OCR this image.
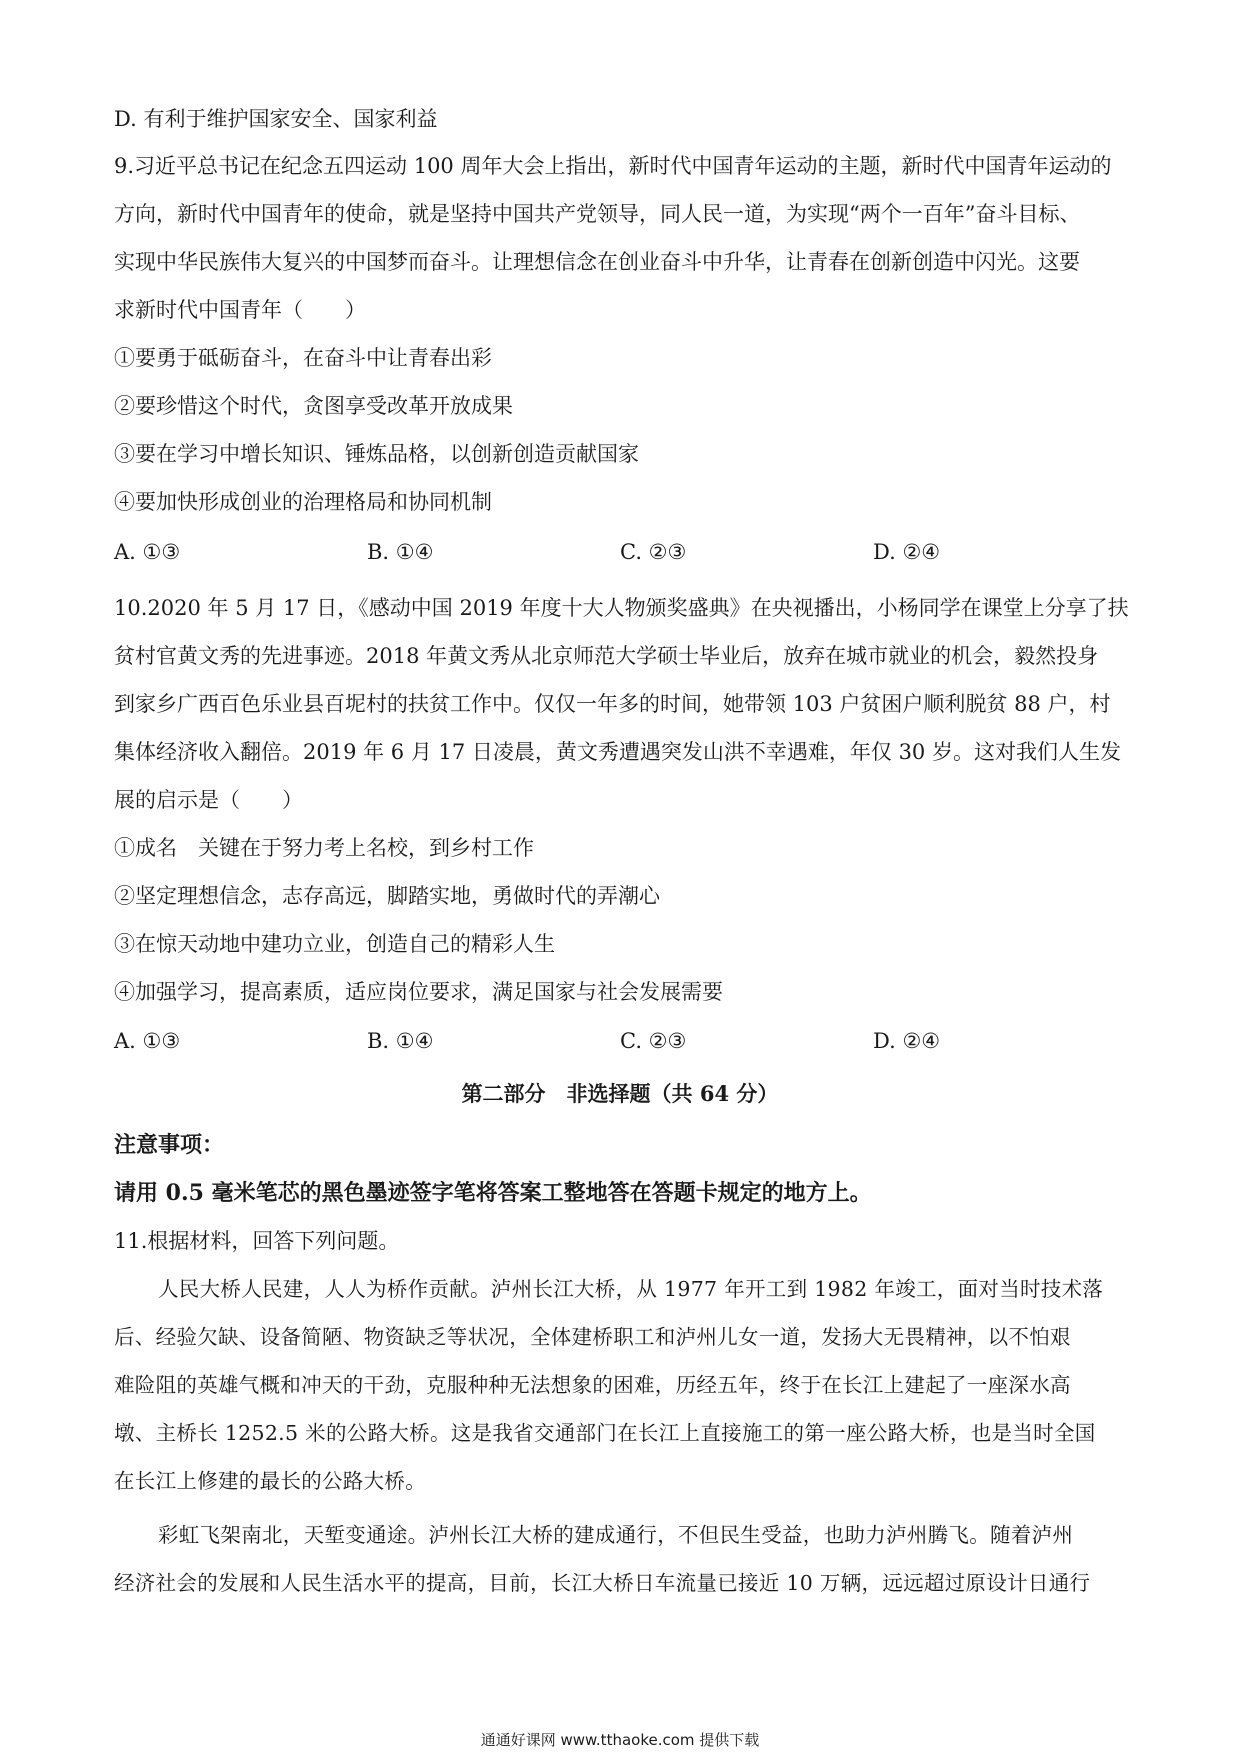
D. 有利于维护国家安全、国家利益
9.习近平总书记在纪念五四运动 100 周年大会上指出，新时代中国青年运动的主题，新时代中国青年运动的
方向，新时代中国青年的使命，就是坚持中国共产党领导，同人民一道，为实现“两个一百年”奋斗目标、
实现中华民族伟大复兴的中国梦而奋斗。让理想信念在创业奋斗中升华，让青春在创新创造中闪光。这要
求新时代中国青年（　　）
①要勇于砥砺奋斗，在奋斗中让青春出彩
②要珍惜这个时代，贪图享受改革开放成果
③要在学习中增长知识、锤炼品格，以创新创造贡献国家
④要加快形成创业的治理格局和协同机制
A. ①③	B. ①④	C. ②③	D. ②④
10.2020 年 5 月 17 日，《感动中国 2019 年度十大人物颁奖盛典》在央视播出，小杨同学在课堂上分享了扶
贫村官黄文秀的先进事迹。2018 年黄文秀从北京师范大学硕士毕业后，放弃在城市就业的机会，毅然投身
到家乡广西百色乐业县百坭村的扶贫工作中。仅仅一年多的时间，她带领 103 户贫困户顺利脱贫 88 户，村
集体经济收入翻倍。2019 年 6 月 17 日凌晨，黄文秀遭遇突发山洪不幸遇难，年仅 30 岁。这对我们人生发
展的启示是（　　）
①成名　关键在于努力考上名校，到乡村工作
②坚定理想信念，志存高远，脚踏实地，勇做时代的弄潮心
③在惊天动地中建功立业，创造自己的精彩人生
④加强学习，提高素质，适应岗位要求，满足国家与社会发展需要
A. ①③	B. ①④	C. ②③	D. ②④
第二部分　非选择题（共 64 分）
注意事项：
请用 0.5 毫米笔芯的黑色墨迹签字笔将答案工整地答在答题卡规定的地方上。
11.根据材料，回答下列问题。
人民大桥人民建，人人为桥作贡献。泸州长江大桥，从 1977 年开工到 1982 年竣工，面对当时技术落
后、经验欠缺、设备简陋、物资缺乏等状况，全体建桥职工和泸州儿女一道，发扬大无畏精神，以不怕艰
难险阻的英雄气概和冲天的干劲，克服种种无法想象的困难，历经五年，终于在长江上建起了一座深水高
墩、主桥长 1252.5 米的公路大桥。这是我省交通部门在长江上直接施工的第一座公路大桥，也是当时全国
在长江上修建的最长的公路大桥。
彩虹飞架南北，天堑变通途。泸州长江大桥的建成通行，不但民生受益，也助力泸州腾飞。随着泸州
经济社会的发展和人民生活水平的提高，目前，长江大桥日车流量已接近 10 万辆，远远超过原设计日通行
通通好课网 www.tthaoke.com 提供下载
